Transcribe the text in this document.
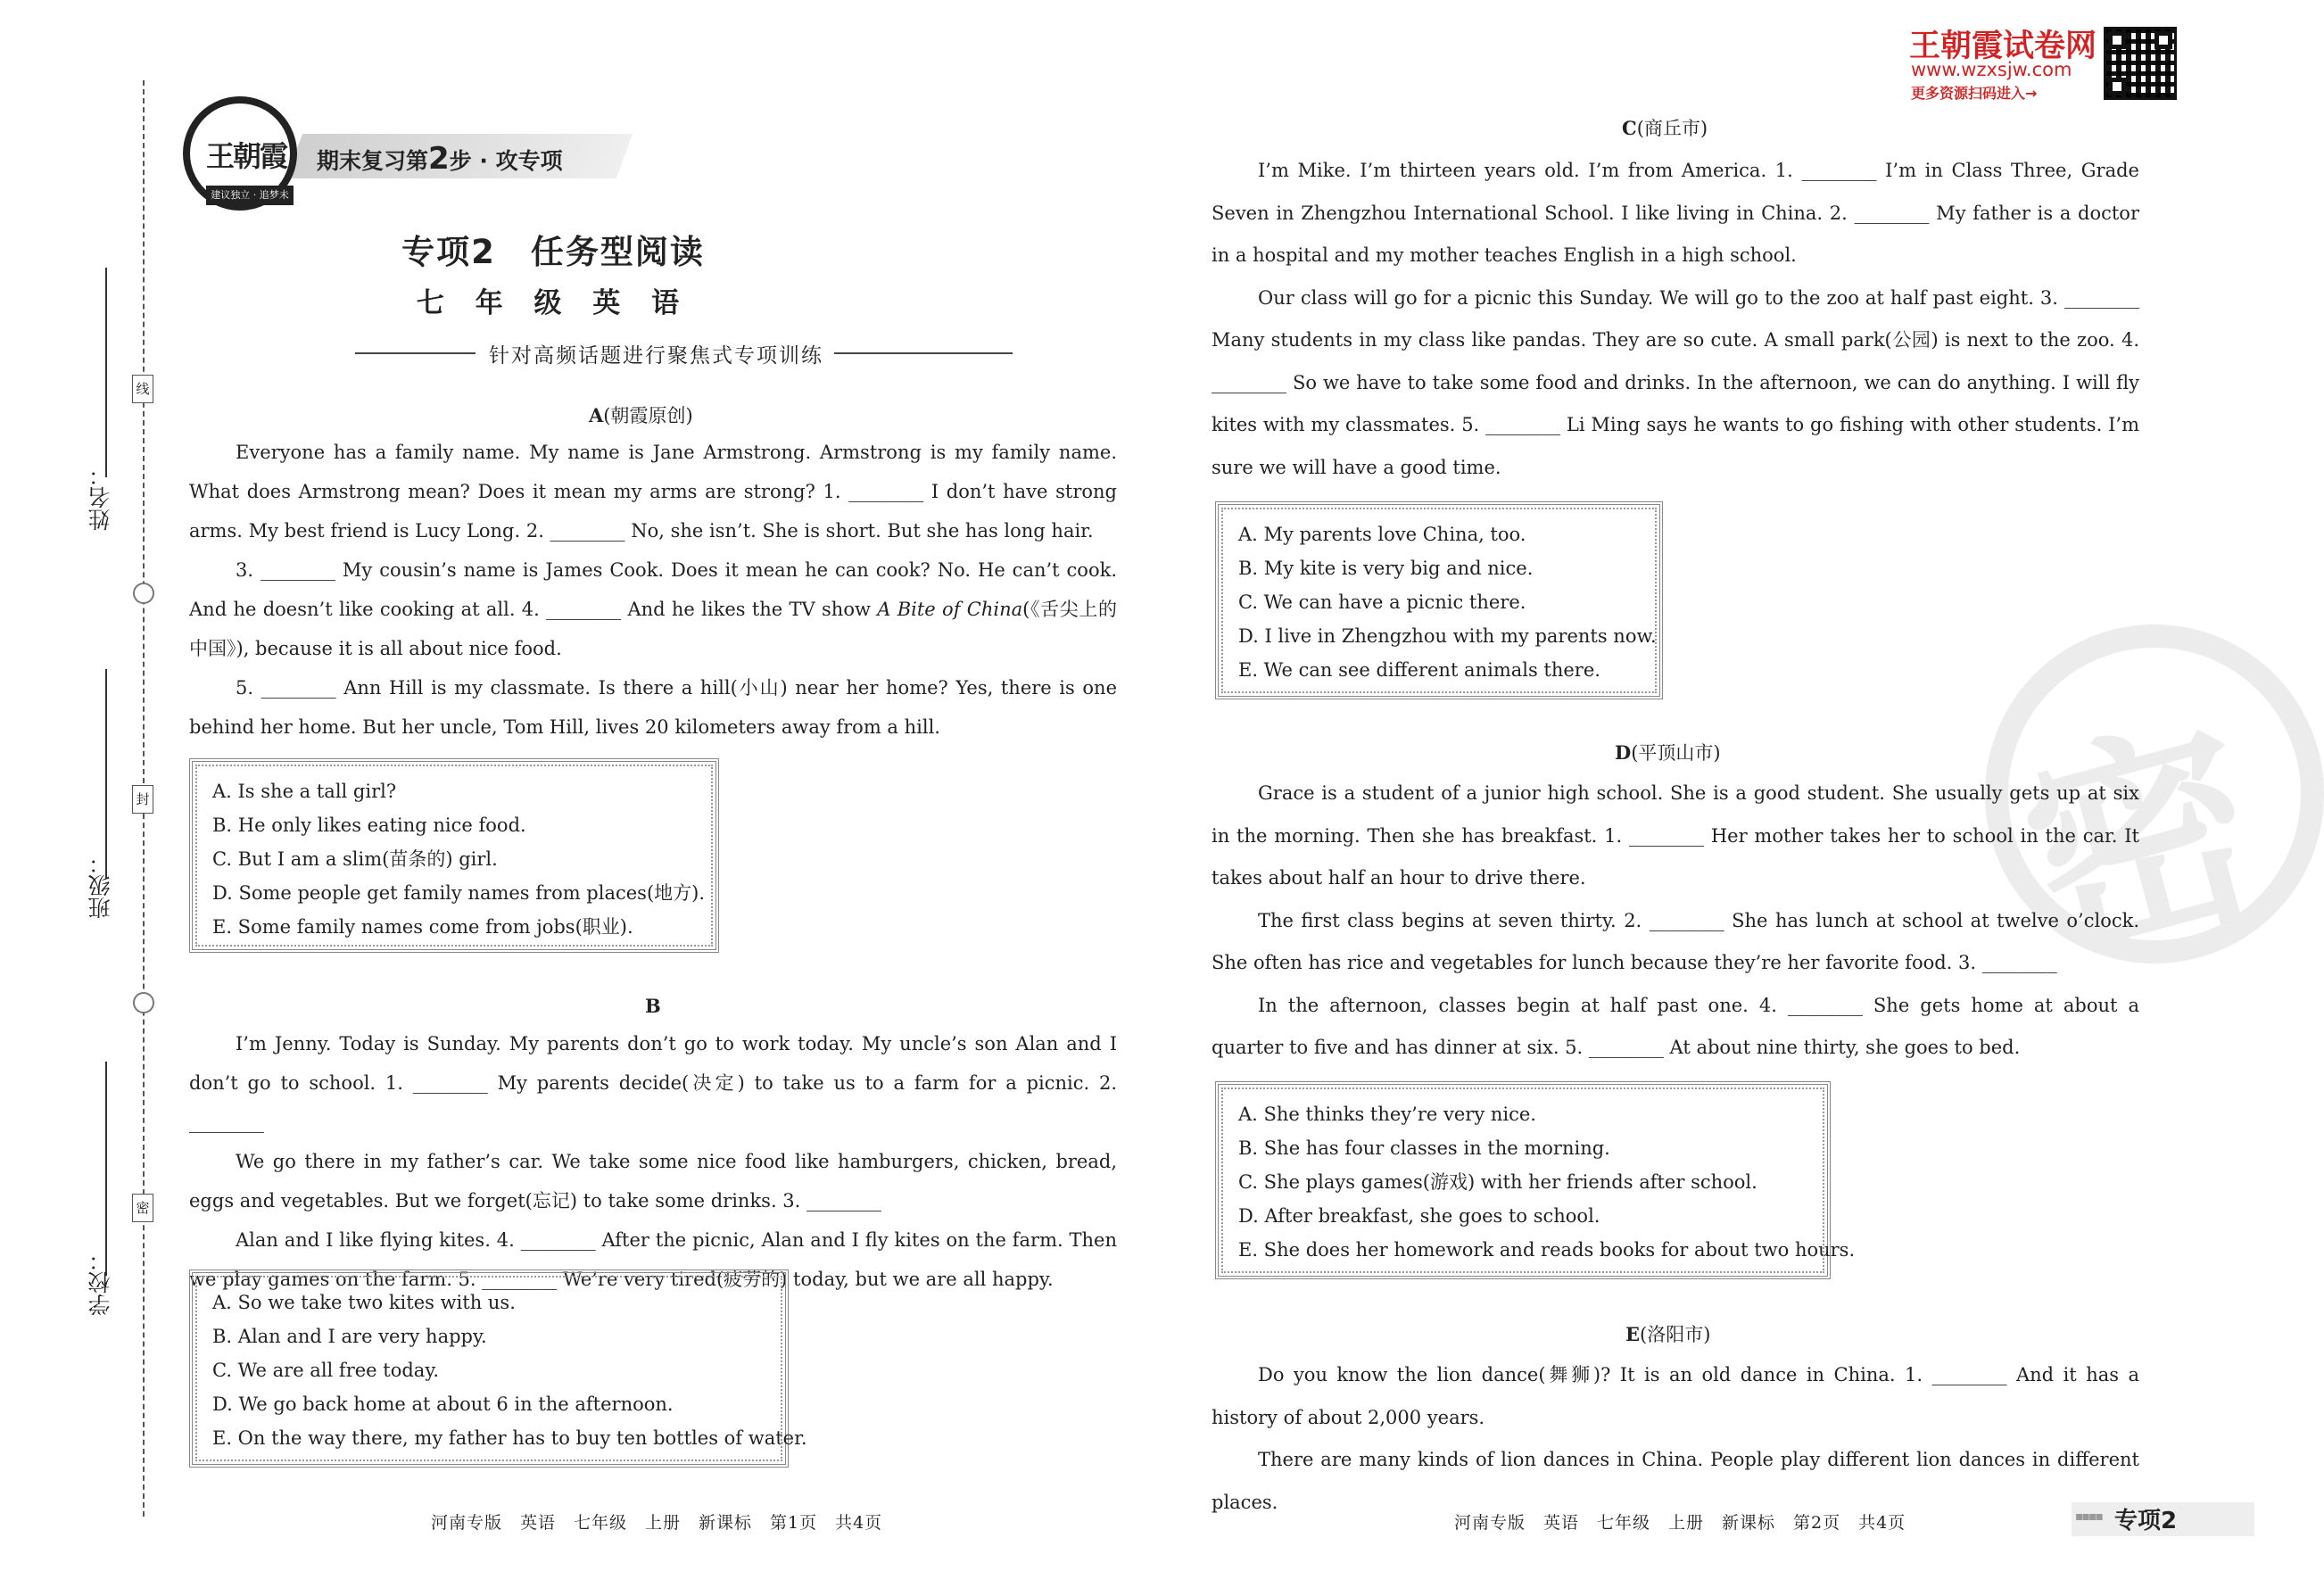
姓名：
班级：
学校：
线
封
密
期末复习第2步 · 攻专项
王朝霞
建议独立 · 追梦未来
专项2　任务型阅读
七 年 级 英 语
针对高频话题进行聚焦式专项训练
A(朝霞原创)

Everyone has a family name. My name is Jane Armstrong. Armstrong is my family name. What does Armstrong mean? Does it mean my arms are strong? 1. ________ I don’t have strong arms. My best friend is Lucy Long. 2. ________ No, she isn’t. She is short. But she has long hair.

3. ________ My cousin’s name is James Cook. Does it mean he can cook? No. He can’t cook. And he doesn’t like cooking at all. 4. ________ And he likes the TV show A Bite of China(《舌尖上的中国》), because it is all about nice food.

5. ________ Ann Hill is my classmate. Is there a hill(小山) near her home? Yes, there is one behind her home. But her uncle, Tom Hill, lives 20 kilometers away from a hill.

A. Is she a tall girl?
B. He only likes eating nice food.
C. But I am a slim(苗条的) girl.
D. Some people get family names from places(地方).
E. Some family names come from jobs(职业).
B

I’m Jenny. Today is Sunday. My parents don’t go to work today. My uncle’s son Alan and I don’t go to school. 1. ________ My parents decide(决定) to take us to a farm for a picnic. 2. ________

We go there in my father’s car. We take some nice food like hamburgers, chicken, bread, eggs and vegetables. But we forget(忘记) to take some drinks. 3. ________

Alan and I like flying kites. 4. ________ After the picnic, Alan and I fly kites on the farm. Then we play games on the farm. 5. ________ We’re very tired(疲劳的) today, but we are all happy.

A. So we take two kites with us.
B. Alan and I are very happy.
C. We are all free today.
D. We go back home at about 6 in the afternoon.
E. On the way there, my father has to buy ten bottles of water.
河南专版　英语　七年级　上册　新课标　第1页　共4页
王朝霞试卷网
www.wzxsjw.com
更多资源扫码进入→
密
C(商丘市)

I’m Mike. I’m thirteen years old. I’m from America. 1. ________ I’m in Class Three, Grade Seven in Zhengzhou International School. I like living in China. 2. ________ My father is a doctor in a hospital and my mother teaches English in a high school.

Our class will go for a picnic this Sunday. We will go to the zoo at half past eight. 3. ________ Many students in my class like pandas. They are so cute. A small park(公园) is next to the zoo. 4. ________ So we have to take some food and drinks. In the afternoon, we can do anything. I will fly kites with my classmates. 5. ________ Li Ming says he wants to go fishing with other students. I’m sure we will have a good time.

A. My parents love China, too.
B. My kite is very big and nice.
C. We can have a picnic there.
D. I live in Zhengzhou with my parents now.
E. We can see different animals there.
D(平顶山市)

Grace is a student of a junior high school. She is a good student. She usually gets up at six in the morning. Then she has breakfast. 1. ________ Her mother takes her to school in the car. It takes about half an hour to drive there.

The first class begins at seven thirty. 2. ________ She has lunch at school at twelve o’clock. She often has rice and vegetables for lunch because they’re her favorite food. 3. ________

In the afternoon, classes begin at half past one. 4. ________ She gets home at about a quarter to five and has dinner at six. 5. ________ At about nine thirty, she goes to bed.

A. She thinks they’re very nice.
B. She has four classes in the morning.
C. She plays games(游戏) with her friends after school.
D. After breakfast, she goes to school.
E. She does her homework and reads books for about two hours.
E(洛阳市)

Do you know the lion dance(舞狮)? It is an old dance in China. 1. ________ And it has a history of about 2,000 years.

There are many kinds of lion dances in China. People play different lion dances in different places.

河南专版　英语　七年级　上册　新课标　第2页　共4页	▪▪▪▪ 专项2
